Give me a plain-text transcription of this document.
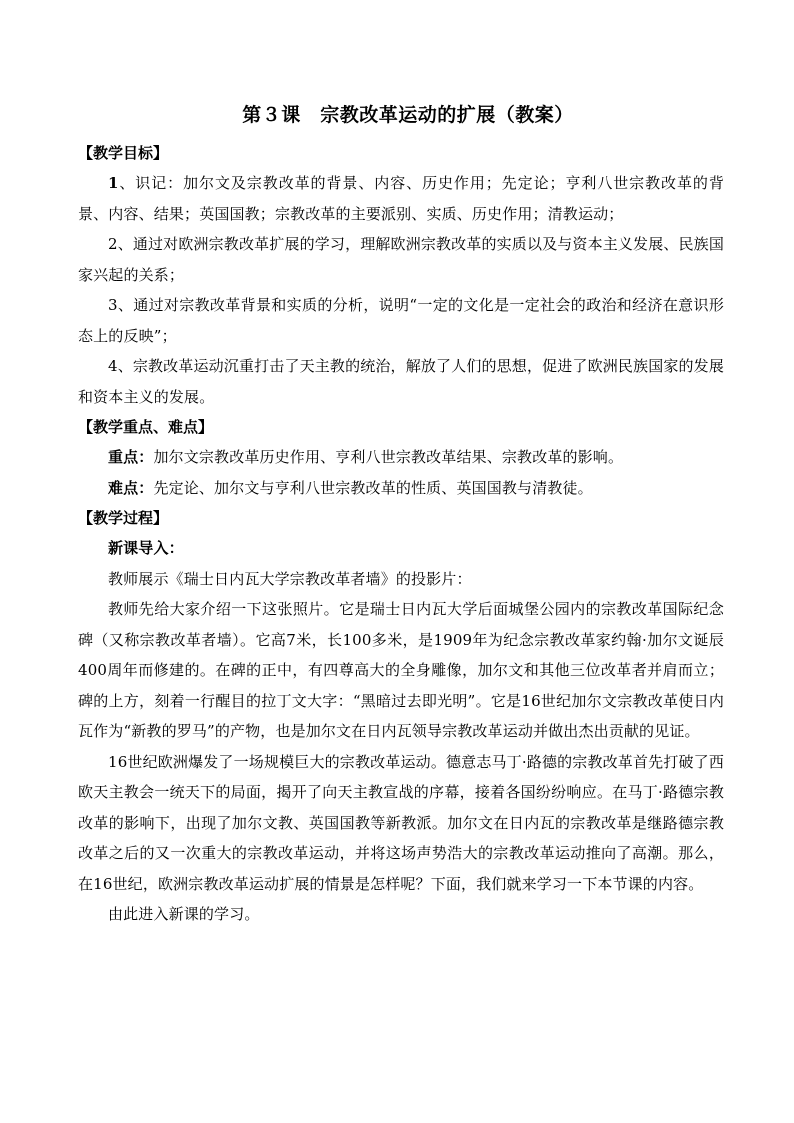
第３课　宗教改革运动的扩展（教案）

【教学目标】

1、识记：加尔文及宗教改革的背景、内容、历史作用；先定论；亨利八世宗教改革的背景、内容、结果；英国国教；宗教改革的主要派别、实质、历史作用；清教运动；

2、通过对欧洲宗教改革扩展的学习，理解欧洲宗教改革的实质以及与资本主义发展、民族国家兴起的关系；

3、通过对宗教改革背景和实质的分析，说明“一定的文化是一定社会的政治和经济在意识形态上的反映”；

4、宗教改革运动沉重打击了天主教的统治，解放了人们的思想，促进了欧洲民族国家的发展和资本主义的发展。

【教学重点、难点】

重点：加尔文宗教改革历史作用、亨利八世宗教改革结果、宗教改革的影响。

难点：先定论、加尔文与亨利八世宗教改革的性质、英国国教与清教徒。

【教学过程】

新课导入：

教师展示《瑞士日内瓦大学宗教改革者墙》的投影片：

教师先给大家介绍一下这张照片。它是瑞士日内瓦大学后面城堡公园内的宗教改革国际纪念碑（又称宗教改革者墙）。它高7米，长100多米，是1909年为纪念宗教改革家约翰·加尔文诞辰400周年而修建的。在碑的正中，有四尊高大的全身雕像，加尔文和其他三位改革者并肩而立；碑的上方，刻着一行醒目的拉丁文大字：“黑暗过去即光明”。它是16世纪加尔文宗教改革使日内瓦作为“新教的罗马”的产物，也是加尔文在日内瓦领导宗教改革运动并做出杰出贡献的见证。

16世纪欧洲爆发了一场规模巨大的宗教改革运动。德意志马丁·路德的宗教改革首先打破了西欧天主教会一统天下的局面，揭开了向天主教宣战的序幕，接着各国纷纷响应。在马丁·路德宗教改革的影响下，出现了加尔文教、英国国教等新教派。加尔文在日内瓦的宗教改革是继路德宗教改革之后的又一次重大的宗教改革运动，并将这场声势浩大的宗教改革运动推向了高潮。那么，在16世纪，欧洲宗教改革运动扩展的情景是怎样呢？下面，我们就来学习一下本节课的内容。

由此进入新课的学习。
